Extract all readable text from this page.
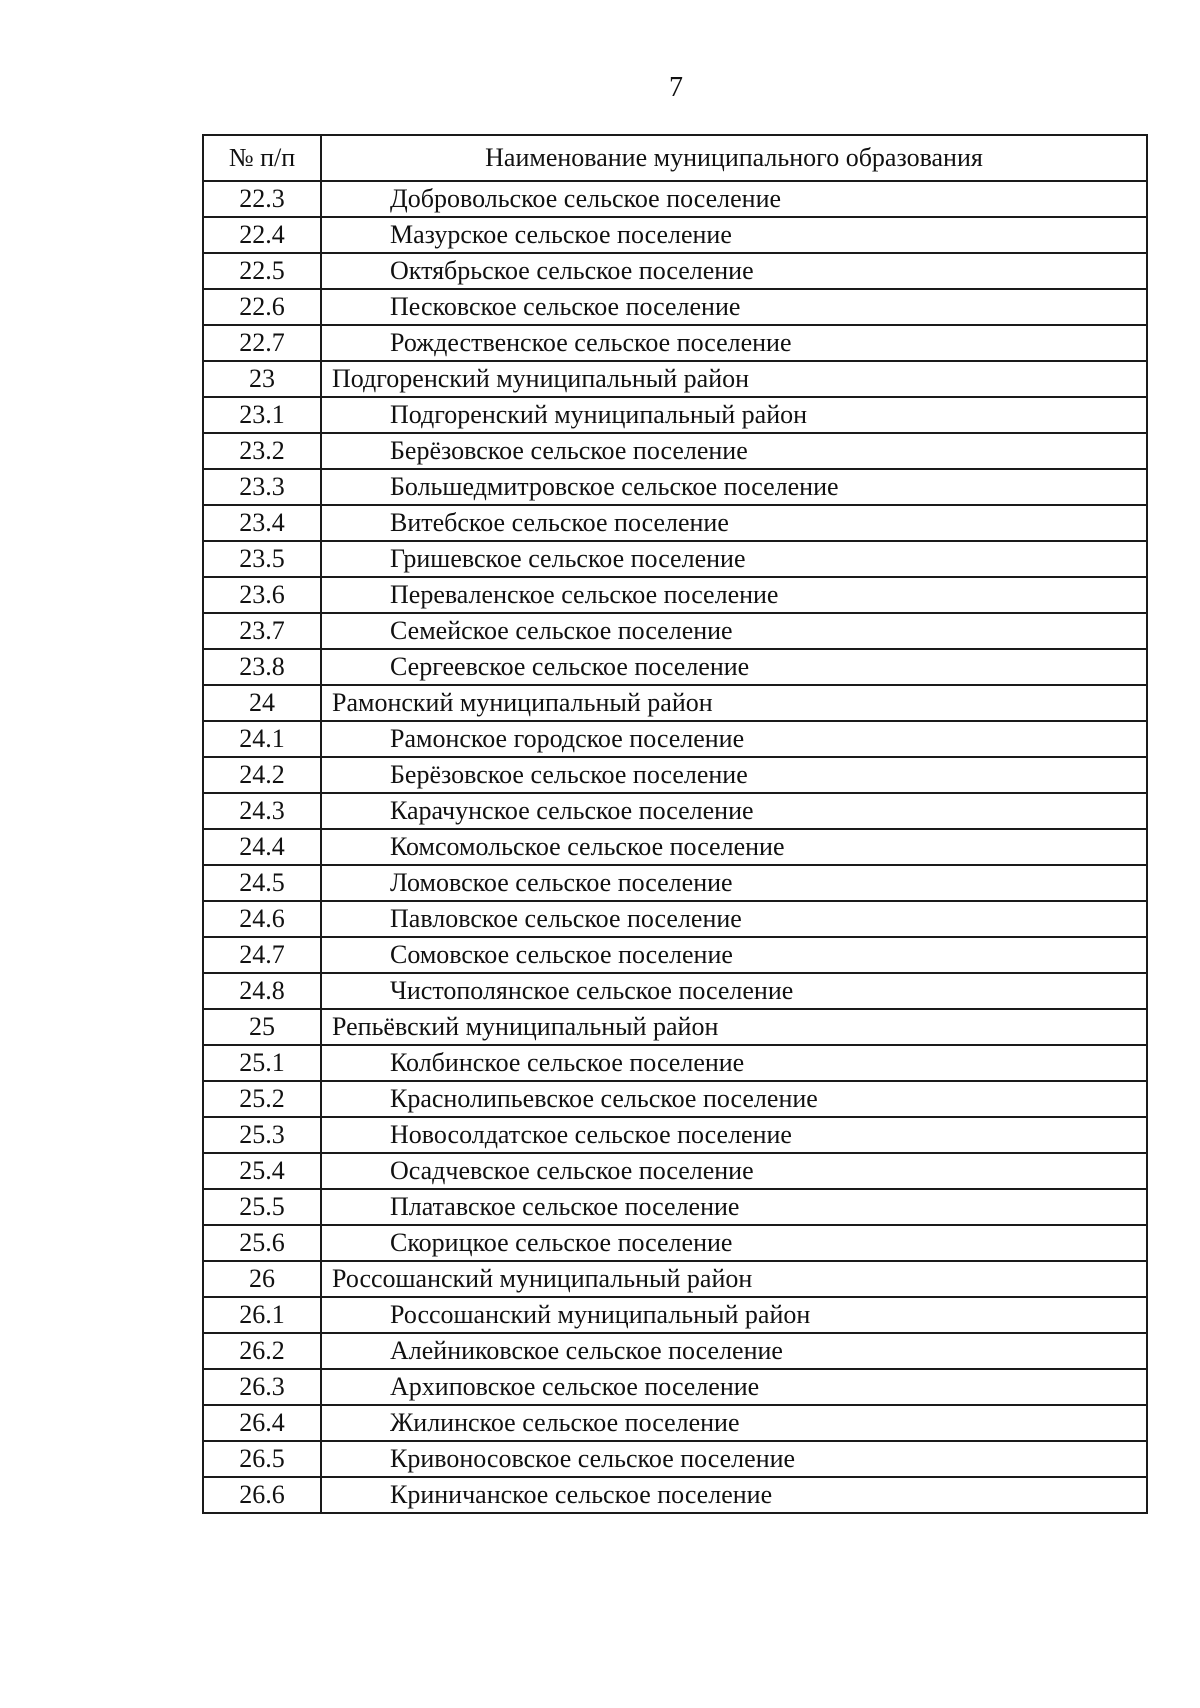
7
№ п/п	Наименование муниципального образования
22.3	Добровольское сельское поселение
22.4	Мазурское сельское поселение
22.5	Октябрьское сельское поселение
22.6	Песковское сельское поселение
22.7	Рождественское сельское поселение
23	Подгоренский муниципальный район
23.1	Подгоренский муниципальный район
23.2	Берёзовское сельское поселение
23.3	Большедмитровское сельское поселение
23.4	Витебское сельское поселение
23.5	Гришевское сельское поселение
23.6	Переваленское сельское поселение
23.7	Семейское сельское поселение
23.8	Сергеевское сельское поселение
24	Рамонский муниципальный район
24.1	Рамонское городское поселение
24.2	Берёзовское сельское поселение
24.3	Карачунское сельское поселение
24.4	Комсомольское сельское поселение
24.5	Ломовское сельское поселение
24.6	Павловское сельское поселение
24.7	Сомовское сельское поселение
24.8	Чистополянское сельское поселение
25	Репьёвский муниципальный район
25.1	Колбинское сельское поселение
25.2	Краснолипьевское сельское поселение
25.3	Новосолдатское сельское поселение
25.4	Осадчевское сельское поселение
25.5	Платавское сельское поселение
25.6	Скорицкое сельское поселение
26	Россошанский муниципальный район
26.1	Россошанский муниципальный район
26.2	Алейниковское сельское поселение
26.3	Архиповское сельское поселение
26.4	Жилинское сельское поселение
26.5	Кривоносовское сельское поселение
26.6	Криничанское сельское поселение
